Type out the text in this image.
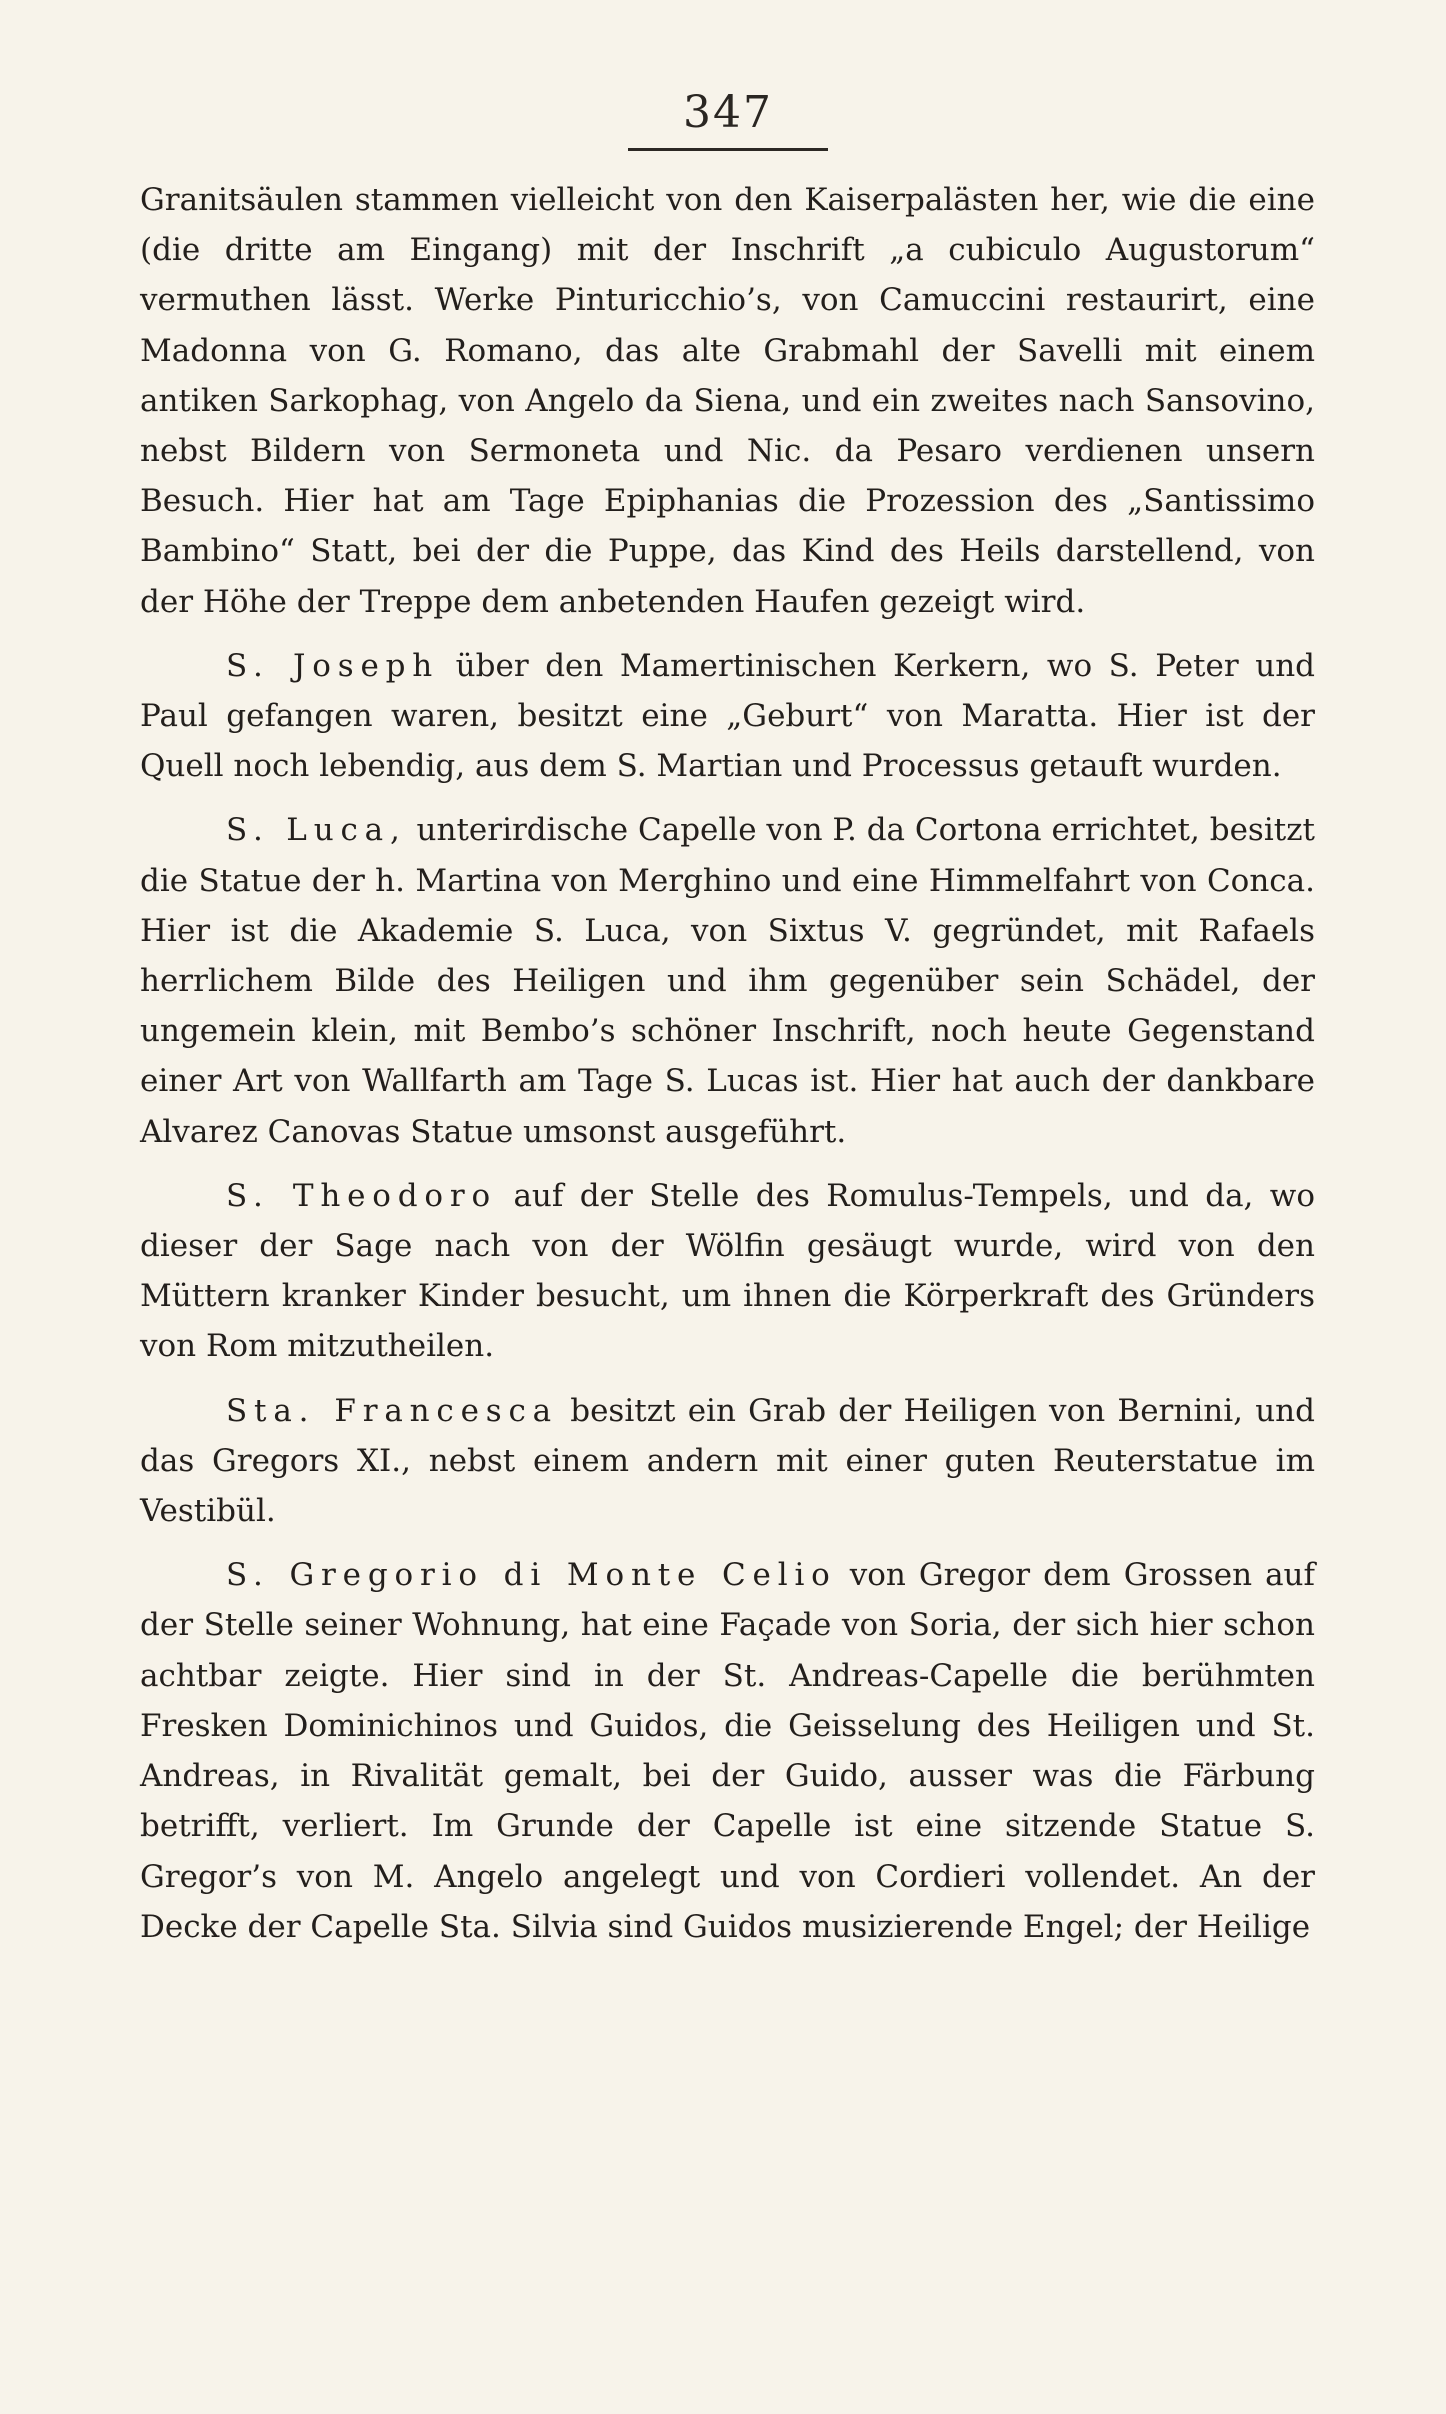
347

Granitsäulen stammen vielleicht von den Kaiserpalästen her, wie die eine (die dritte am Eingang) mit der Inschrift „a cubiculo Augustorum“ vermuthen lässt. Werke Pinturicchio’s, von Camuccini restaurirt, eine Madonna von G. Romano, das alte Grabmahl der Savelli mit einem antiken Sarkophag, von Angelo da Siena, und ein zweites nach Sansovino, nebst Bildern von Sermoneta und Nic. da Pesaro verdienen unsern Besuch. Hier hat am Tage Epiphanias die Prozession des „Santissimo Bambino“ Statt, bei der die Puppe, das Kind des Heils darstellend, von der Höhe der Treppe dem anbetenden Haufen gezeigt wird.

S. Joseph über den Mamertinischen Kerkern, wo S. Peter und Paul gefangen waren, besitzt eine „Geburt“ von Maratta. Hier ist der Quell noch lebendig, aus dem S. Martian und Processus getauft wurden.

S. Luca, unterirdische Capelle von P. da Cortona errichtet, besitzt die Statue der h. Martina von Merghino und eine Himmelfahrt von Conca. Hier ist die Akademie S. Luca, von Sixtus V. gegründet, mit Rafaels herrlichem Bilde des Heiligen und ihm gegenüber sein Schädel, der ungemein klein, mit Bembo’s schöner Inschrift, noch heute Gegenstand einer Art von Wallfarth am Tage S. Lucas ist. Hier hat auch der dankbare Alvarez Canovas Statue umsonst ausgeführt.

S. Theodoro auf der Stelle des Romulus-Tempels, und da, wo dieser der Sage nach von der Wölfin gesäugt wurde, wird von den Müttern kranker Kinder besucht, um ihnen die Körperkraft des Gründers von Rom mitzutheilen.

Sta. Francesca besitzt ein Grab der Heiligen von Bernini, und das Gregors XI., nebst einem andern mit einer guten Reuterstatue im Vestibül.

S. Gregorio di Monte Celio von Gregor dem Grossen auf der Stelle seiner Wohnung, hat eine Façade von Soria, der sich hier schon achtbar zeigte. Hier sind in der St. Andreas-Capelle die berühmten Fresken Dominichinos und Guidos, die Geisselung des Heiligen und St. Andreas, in Rivalität gemalt, bei der Guido, ausser was die Färbung betrifft, verliert. Im Grunde der Capelle ist eine sitzende Statue S. Gregor’s von M. Angelo angelegt und von Cordieri vollendet. An der Decke der Capelle Sta. Silvia sind Guidos musizierende Engel; der Heilige
